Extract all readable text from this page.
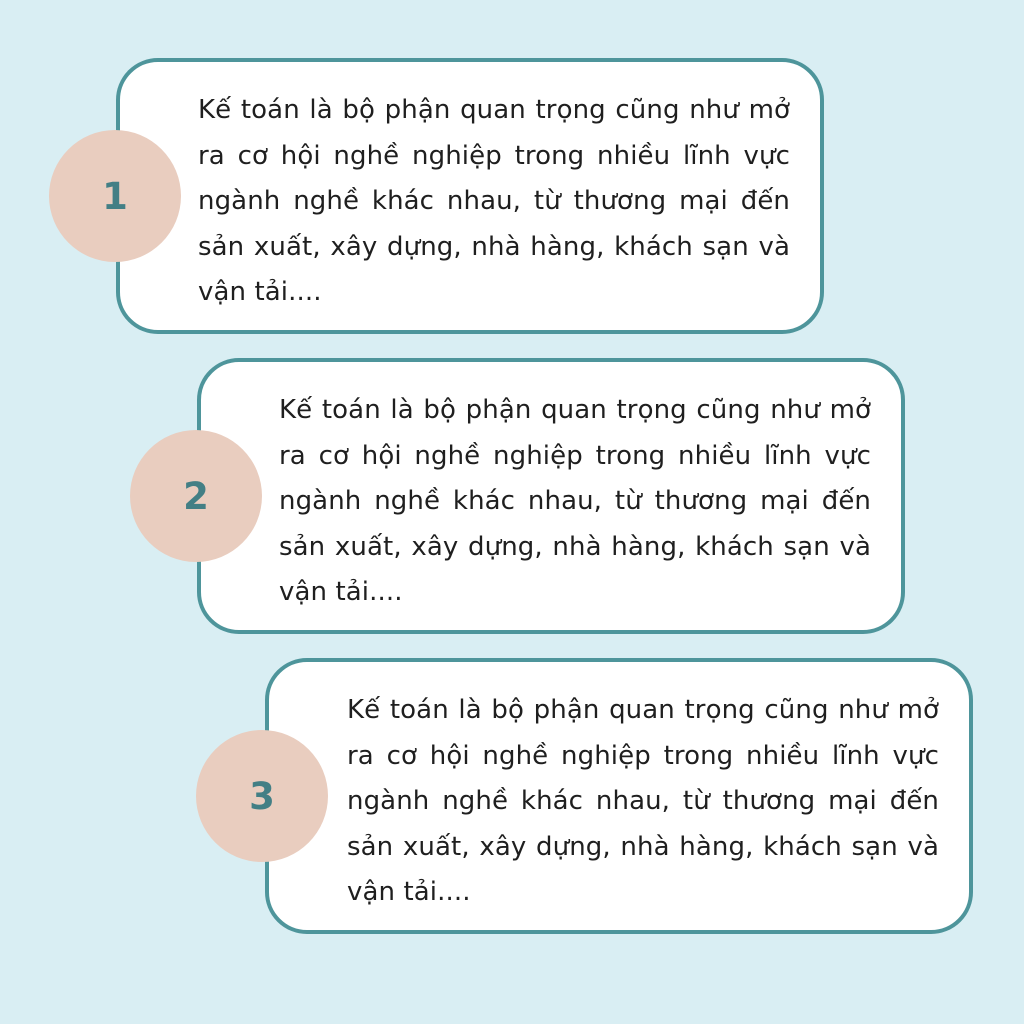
Kế toán là bộ phận quan trọng cũng như mở ra cơ hội nghề nghiệp trong nhiều lĩnh vực ngành nghề khác nhau, từ thương mại đến sản xuất, xây dựng, nhà hàng, khách sạn và vận tải....

1

Kế toán là bộ phận quan trọng cũng như mở ra cơ hội nghề nghiệp trong nhiều lĩnh vực ngành nghề khác nhau, từ thương mại đến sản xuất, xây dựng, nhà hàng, khách sạn và vận tải....

2

Kế toán là bộ phận quan trọng cũng như mở ra cơ hội nghề nghiệp trong nhiều lĩnh vực ngành nghề khác nhau, từ thương mại đến sản xuất, xây dựng, nhà hàng, khách sạn và vận tải....

3
